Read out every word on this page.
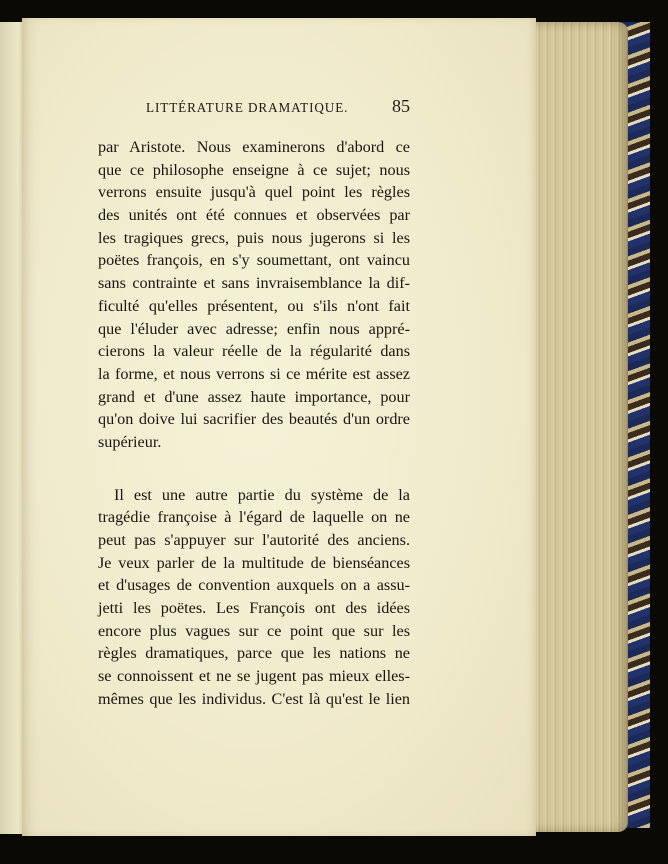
LITTÉRATURE DRAMATIQUE. 85
par Aristote. Nous examinerons d'abord ce
que ce philosophe enseigne à ce sujet; nous
verrons ensuite jusqu'à quel point les règles
des unités ont été connues et observées par
les tragiques grecs, puis nous jugerons si les
poëtes françois, en s'y soumettant, ont vaincu
sans contrainte et sans invraisemblance la dif-
ficulté qu'elles présentent, ou s'ils n'ont fait
que l'éluder avec adresse; enfin nous appré-
cierons la valeur réelle de la régularité dans
la forme, et nous verrons si ce mérite est assez
grand et d'une assez haute importance, pour
qu'on doive lui sacrifier des beautés d'un ordre
supérieur.
Il est une autre partie du système de la
tragédie françoise à l'égard de laquelle on ne
peut pas s'appuyer sur l'autorité des anciens.
Je veux parler de la multitude de bienséances
et d'usages de convention auxquels on a assu-
jetti les poëtes. Les François ont des idées
encore plus vagues sur ce point que sur les
règles dramatiques, parce que les nations ne
se connoissent et ne se jugent pas mieux elles-
mêmes que les individus. C'est là qu'est le lien
